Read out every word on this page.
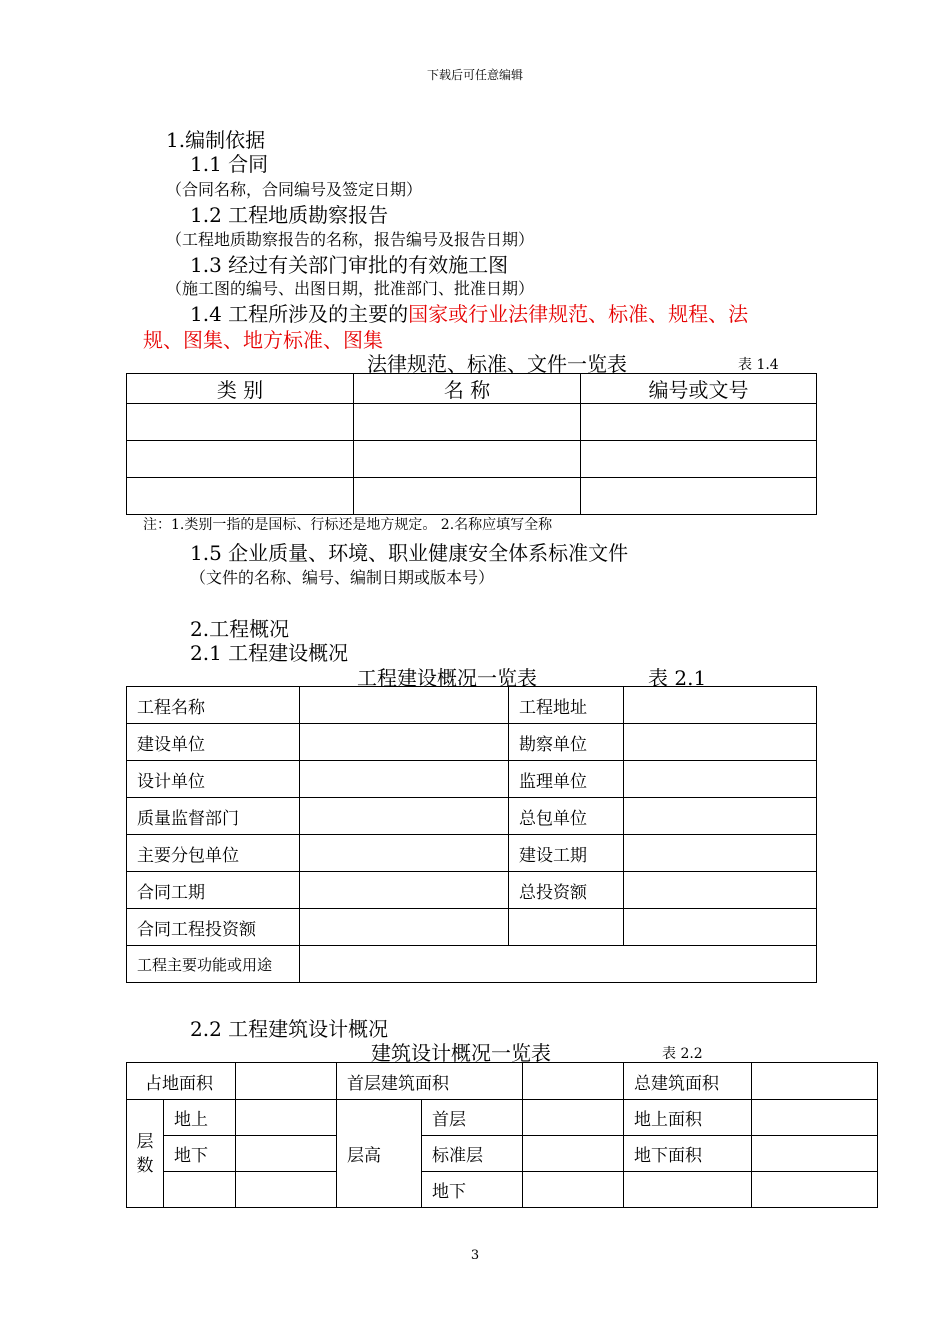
下载后可任意编辑
1.编制依据
1.1 合同
（合同名称，合同编号及签定日期）
1.2 工程地质勘察报告
（工程地质勘察报告的名称，报告编号及报告日期）
1.3 经过有关部门审批的有效施工图
（施工图的编号、出图日期，批准部门、批准日期）
1.4 工程所涉及的主要的国家或行业法律规范、标准、规程、法
规、图集、地方标准、图集
法律规范、标准、文件一览表	表 1.4
类 别	名 称	编号或文号

注：1.类别一指的是国标、行标还是地方规定。 2.名称应填写全称
1.5 企业质量、环境、职业健康安全体系标准文件
（文件的名称、编号、编制日期或版本号）
2.工程概况
2.1 工程建设概况
工程建设概况一览表	表 2.1
工程名称		工程地址	
建设单位		勘察单位	
设计单位		监理单位	
质量监督部门		总包单位	
主要分包单位		建设工期	
合同工期		总投资额	
合同工程投资额			
工程主要功能或用途			
2.2 工程建筑设计概况
建筑设计概况一览表	表 2.2
占地面积			首层建筑面积			总建筑面积	
层
数	地上		层高	首层		地上面积	
	地下			标准层		地下面积	
				地下			
3
